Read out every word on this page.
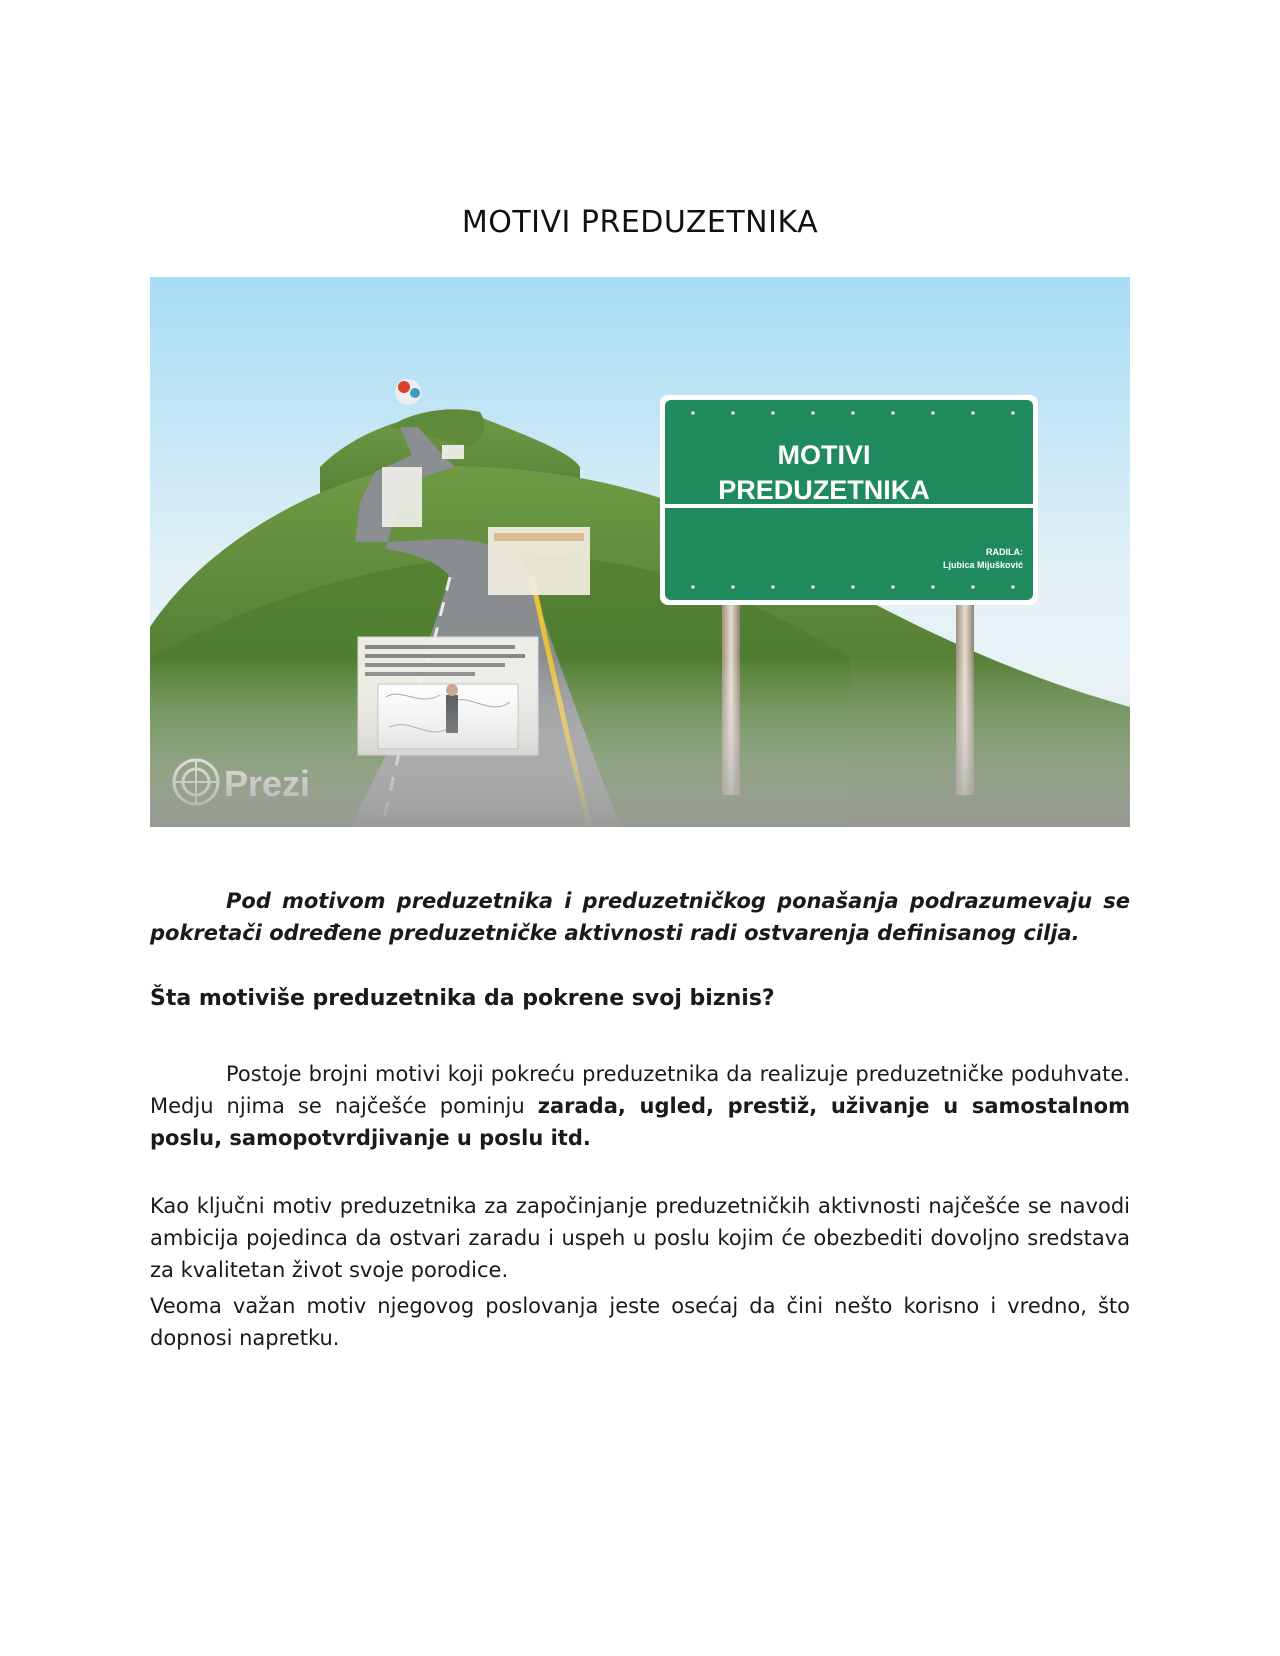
MOTIVI PREDUZETNIKA
MOTIVI
PREDUZETNIKA
RADILA:
Ljubica Mijušković
Pod motivom preduzetnika i preduzetničkog ponašanja podrazumevaju se pokretači određene preduzetničke aktivnosti radi ostvarenja definisanog cilja.
Šta motiviše preduzetnika da pokrene svoj biznis?
Postoje brojni motivi koji pokreću preduzetnika da realizuje preduzetničke poduhvate. Medju njima se najčešće pominju zarada, ugled, prestiž, uživanje u samostalnom poslu, samopotvrdjivanje u poslu itd.
Kao ključni motiv preduzetnika za započinjanje preduzetničkih aktivnosti najčešće se navodi ambicija pojedinca da ostvari zaradu i uspeh u poslu kojim će obezbediti dovoljno sredstava za kvalitetan život svoje porodice.
Veoma važan motiv njegovog poslovanja jeste osećaj da čini nešto korisno i vredno, što dopnosi napretku.
